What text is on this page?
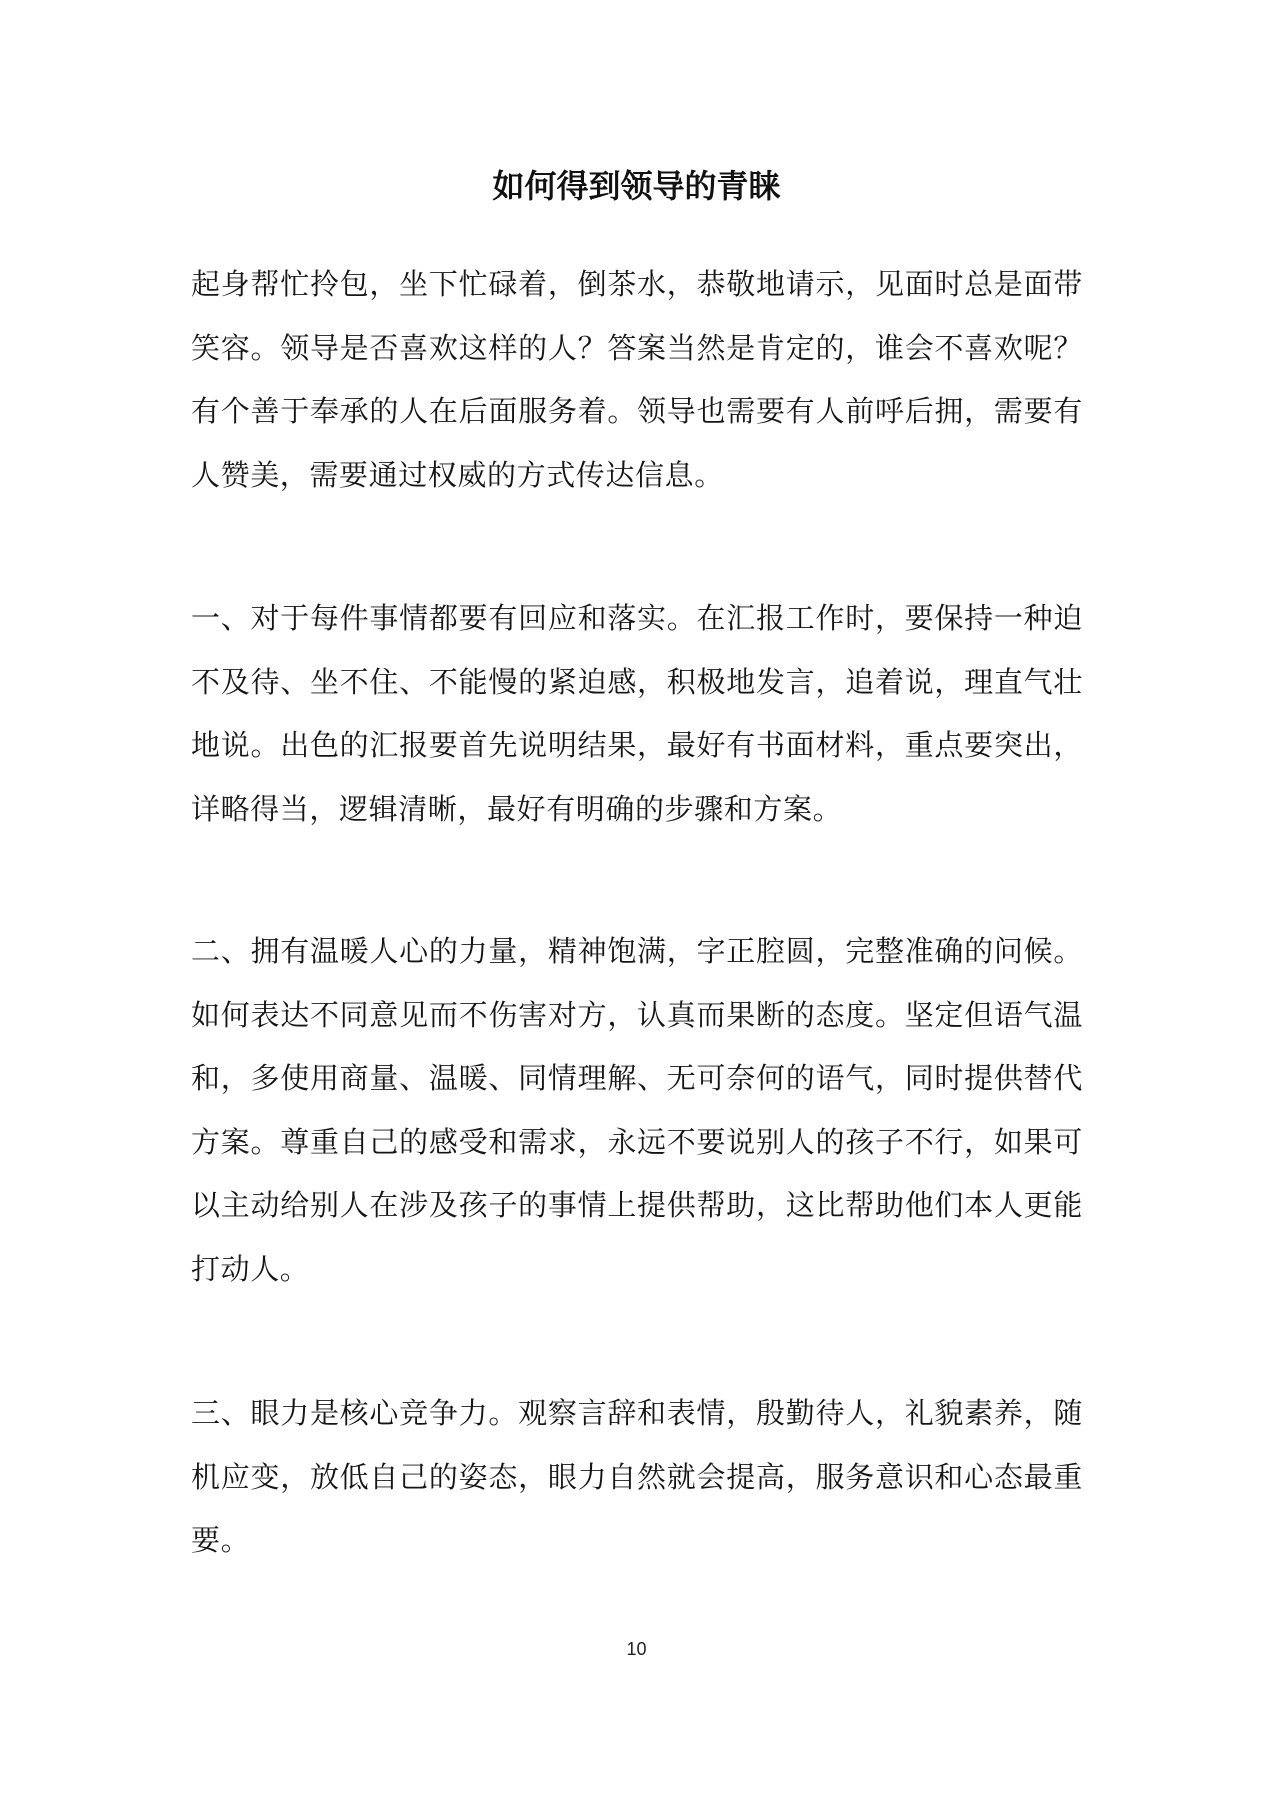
如何得到领导的青睐

起身帮忙拎包，坐下忙碌着，倒茶水，恭敬地请示，见面时总是面带笑容。领导是否喜欢这样的人？答案当然是肯定的，谁会不喜欢呢？有个善于奉承的人在后面服务着。领导也需要有人前呼后拥，需要有人赞美，需要通过权威的方式传达信息。

一、对于每件事情都要有回应和落实。在汇报工作时，要保持一种迫不及待、坐不住、不能慢的紧迫感，积极地发言，追着说，理直气壮地说。出色的汇报要首先说明结果，最好有书面材料，重点要突出，详略得当，逻辑清晰，最好有明确的步骤和方案。

二、拥有温暖人心的力量，精神饱满，字正腔圆，完整准确的问候。如何表达不同意见而不伤害对方，认真而果断的态度。坚定但语气温和，多使用商量、温暖、同情理解、无可奈何的语气，同时提供替代方案。尊重自己的感受和需求，永远不要说别人的孩子不行，如果可以主动给别人在涉及孩子的事情上提供帮助，这比帮助他们本人更能打动人。

三、眼力是核心竞争力。观察言辞和表情，殷勤待人，礼貌素养，随机应变，放低自己的姿态，眼力自然就会提高，服务意识和心态最重要。

10
